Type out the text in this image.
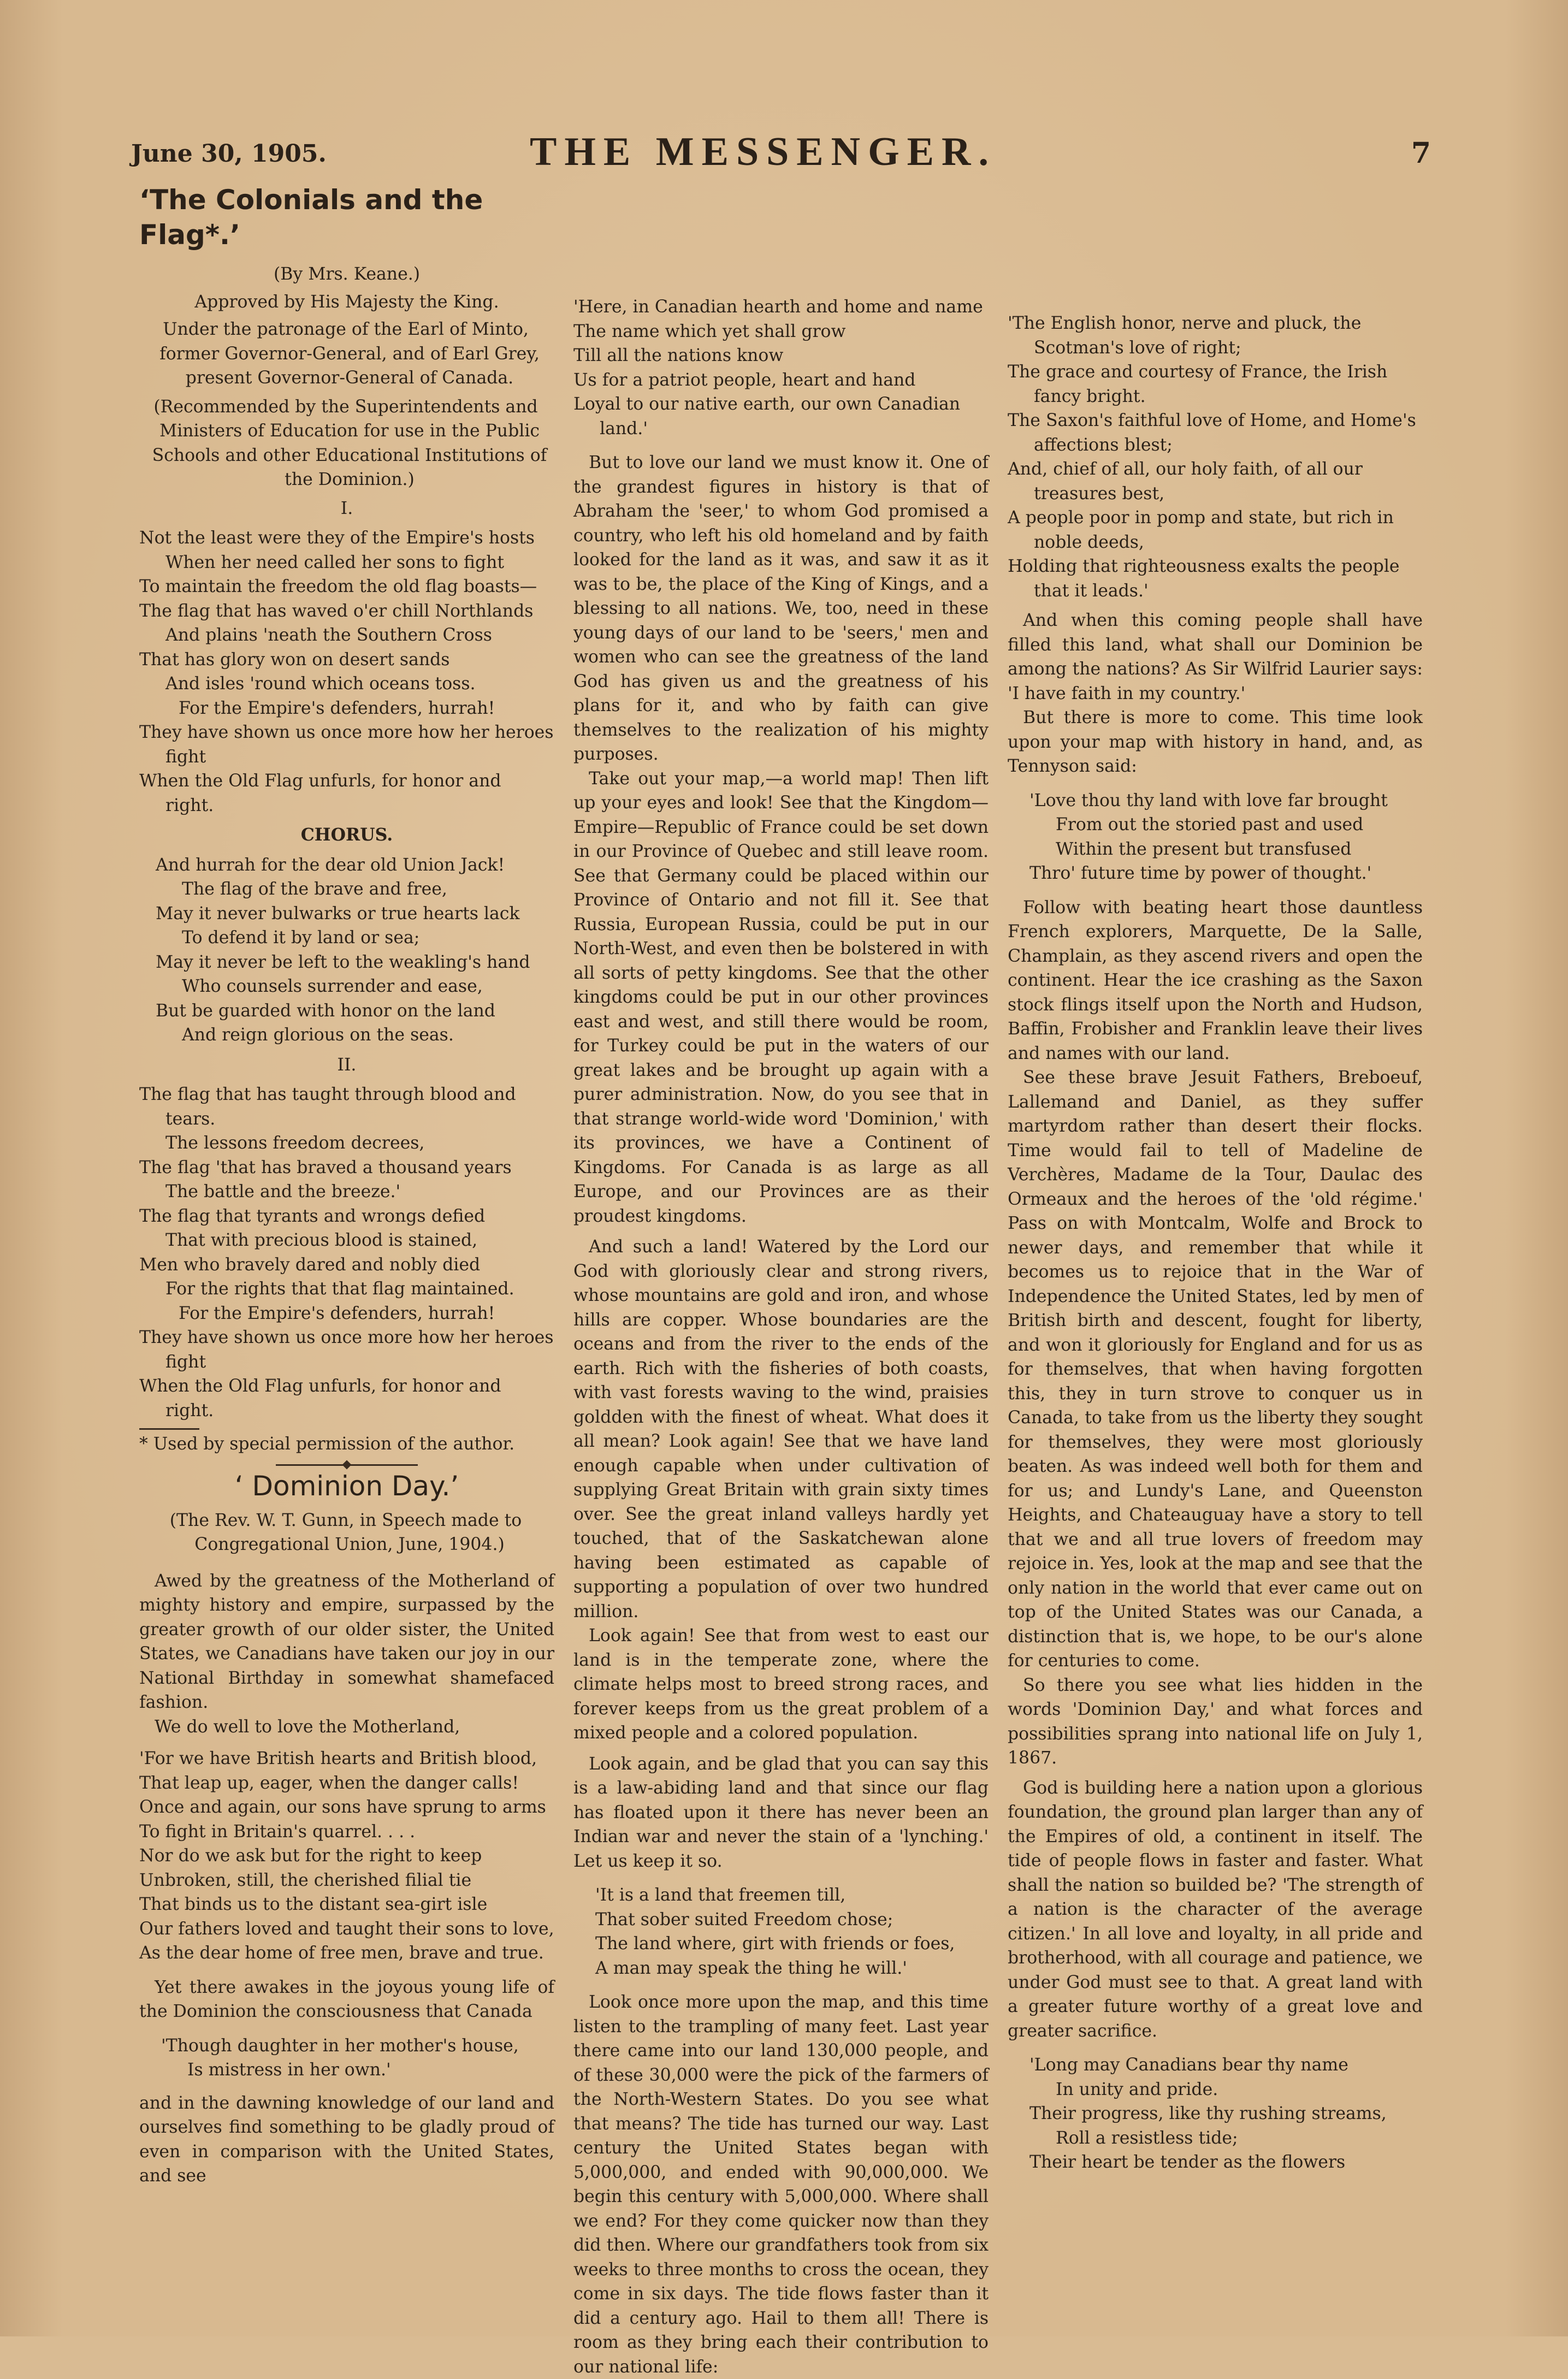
June 30, 1905.	THE MESSENGER.	7
‘The Colonials and the Flag*.’
(By Mrs. Keane.)
Approved by His Majesty the King.
Under the patronage of the Earl of Minto, former Governor-General, and of Earl Grey, present Governor-General of Canada.
(Recommended by the Superintendents and Ministers of Education for use in the Public Schools and other Educational Institutions of the Dominion.)
I.
Not the least were they of the Empire's hosts
When her need called her sons to fight
To maintain the freedom the old flag boasts—
The flag that has waved o'er chill Northlands
And plains 'neath the Southern Cross
That has glory won on desert sands
And isles 'round which oceans toss.
For the Empire's defenders, hurrah!
They have shown us once more how her heroes fight
When the Old Flag unfurls, for honor and right.
CHORUS.
And hurrah for the dear old Union Jack!
The flag of the brave and free,
May it never bulwarks or true hearts lack
To defend it by land or sea;
May it never be left to the weakling's hand
Who counsels surrender and ease,
But be guarded with honor on the land
And reign glorious on the seas.
II.
The flag that has taught through blood and tears.
The lessons freedom decrees,
The flag 'that has braved a thousand years
The battle and the breeze.'
The flag that tyrants and wrongs defied
That with precious blood is stained,
Men who bravely dared and nobly died
For the rights that that flag maintained.
For the Empire's defenders, hurrah!
They have shown us once more how her heroes fight
When the Old Flag unfurls, for honor and right.
* Used by special permission of the author.
‘ Dominion Day.’
(The Rev. W. T. Gunn, in Speech made to Congregational Union, June, 1904.)

Awed by the greatness of the Motherland of mighty history and empire, surpassed by the greater growth of our older sister, the United States, we Canadians have taken our joy in our National Birthday in somewhat shamefaced fashion.

We do well to love the Motherland,

'For we have British hearts and British blood,
That leap up, eager, when the danger calls!
Once and again, our sons have sprung to arms
To fight in Britain's quarrel. . . .
Nor do we ask but for the right to keep
Unbroken, still, the cherished filial tie
That binds us to the distant sea-girt isle
Our fathers loved and taught their sons to love,
As the dear home of free men, brave and true.

Yet there awakes in the joyous young life of the Dominion the consciousness that Canada

'Though daughter in her mother's house,
Is mistress in her own.'

and in the dawning knowledge of our land and ourselves find something to be gladly proud of even in comparison with the United States, and see

'Here, in Canadian hearth and home and name
The name which yet shall grow
Till all the nations know
Us for a patriot people, heart and hand
Loyal to our native earth, our own Canadian land.'

But to love our land we must know it. One of the grandest figures in history is that of Abraham the 'seer,' to whom God promised a country, who left his old homeland and by faith looked for the land as it was, and saw it as it was to be, the place of the King of Kings, and a blessing to all nations. We, too, need in these young days of our land to be 'seers,' men and women who can see the greatness of the land God has given us and the greatness of his plans for it, and who by faith can give themselves to the realization of his mighty purposes.

Take out your map,—a world map! Then lift up your eyes and look! See that the Kingdom—Empire—Republic of France could be set down in our Province of Quebec and still leave room. See that Germany could be placed within our Province of Ontario and not fill it. See that Russia, European Russia, could be put in our North-West, and even then be bolstered in with all sorts of petty kingdoms. See that the other kingdoms could be put in our other provinces east and west, and still there would be room, for Turkey could be put in the waters of our great lakes and be brought up again with a purer administration. Now, do you see that in that strange world-wide word 'Dominion,' with its provinces, we have a Continent of Kingdoms. For Canada is as large as all Europe, and our Provinces are as their proudest kingdoms.

And such a land! Watered by the Lord our God with gloriously clear and strong rivers, whose mountains are gold and iron, and whose hills are copper. Whose boundaries are the oceans and from the river to the ends of the earth. Rich with the fisheries of both coasts, with vast forests waving to the wind, praisies goldden with the finest of wheat. What does it all mean? Look again! See that we have land enough capable when under cultivation of supplying Great Britain with grain sixty times over. See the great inland valleys hardly yet touched, that of the Saskatchewan alone having been estimated as capable of supporting a population of over two hundred million.

Look again! See that from west to east our land is in the temperate zone, where the climate helps most to breed strong races, and forever keeps from us the great problem of a mixed people and a colored population.

Look again, and be glad that you can say this is a law-abiding land and that since our flag has floated upon it there has never been an Indian war and never the stain of a 'lynching.' Let us keep it so.

'It is a land that freemen till,
That sober suited Freedom chose;
The land where, girt with friends or foes,
A man may speak the thing he will.'

Look once more upon the map, and this time listen to the trampling of many feet. Last year there came into our land 130,000 people, and of these 30,000 were the pick of the farmers of the North-Western States. Do you see what that means? The tide has turned our way. Last century the United States began with 5,000,000, and ended with 90,000,000. We begin this century with 5,000,000. Where shall we end? For they come quicker now than they did then. Where our grandfathers took from six weeks to three months to cross the ocean, they come in six days. The tide flows faster than it did a century ago. Hail to them all! There is room as they bring each their contribution to our national life:

'The English honor, nerve and pluck, the Scotman's love of right;
The grace and courtesy of France, the Irish fancy bright.
The Saxon's faithful love of Home, and Home's affections blest;
And, chief of all, our holy faith, of all our treasures best,
A people poor in pomp and state, but rich in noble deeds,
Holding that righteousness exalts the people that it leads.'

And when this coming people shall have filled this land, what shall our Dominion be among the nations? As Sir Wilfrid Laurier says: 'I have faith in my country.'

But there is more to come. This time look upon your map with history in hand, and, as Tennyson said:

'Love thou thy land with love far brought
From out the storied past and used
Within the present but transfused
Thro' future time by power of thought.'

Follow with beating heart those dauntless French explorers, Marquette, De la Salle, Champlain, as they ascend rivers and open the continent. Hear the ice crashing as the Saxon stock flings itself upon the North and Hudson, Baffin, Frobisher and Franklin leave their lives and names with our land.

See these brave Jesuit Fathers, Breboeuf, Lallemand and Daniel, as they suffer martyrdom rather than desert their flocks. Time would fail to tell of Madeline de Verchères, Madame de la Tour, Daulac des Ormeaux and the heroes of the 'old régime.' Pass on with Montcalm, Wolfe and Brock to newer days, and remember that while it becomes us to rejoice that in the War of Independence the United States, led by men of British birth and descent, fought for liberty, and won it gloriously for England and for us as for themselves, that when having forgotten this, they in turn strove to conquer us in Canada, to take from us the liberty they sought for themselves, they were most gloriously beaten. As was indeed well both for them and for us; and Lundy's Lane, and Queenston Heights, and Chateauguay have a story to tell that we and all true lovers of freedom may rejoice in. Yes, look at the map and see that the only nation in the world that ever came out on top of the United States was our Canada, a distinction that is, we hope, to be our's alone for centuries to come.

So there you see what lies hidden in the words 'Dominion Day,' and what forces and possibilities sprang into national life on July 1, 1867.

God is building here a nation upon a glorious foundation, the ground plan larger than any of the Empires of old, a continent in itself. The tide of people flows in faster and faster. What shall the nation so builded be? 'The strength of a nation is the character of the average citizen.' In all love and loyalty, in all pride and brotherhood, with all courage and patience, we under God must see to that. A great land with a greater future worthy of a great love and greater sacrifice.

'Long may Canadians bear thy name
In unity and pride.
Their progress, like thy rushing streams,
Roll a resistless tide;
Their heart be tender as the flowers
